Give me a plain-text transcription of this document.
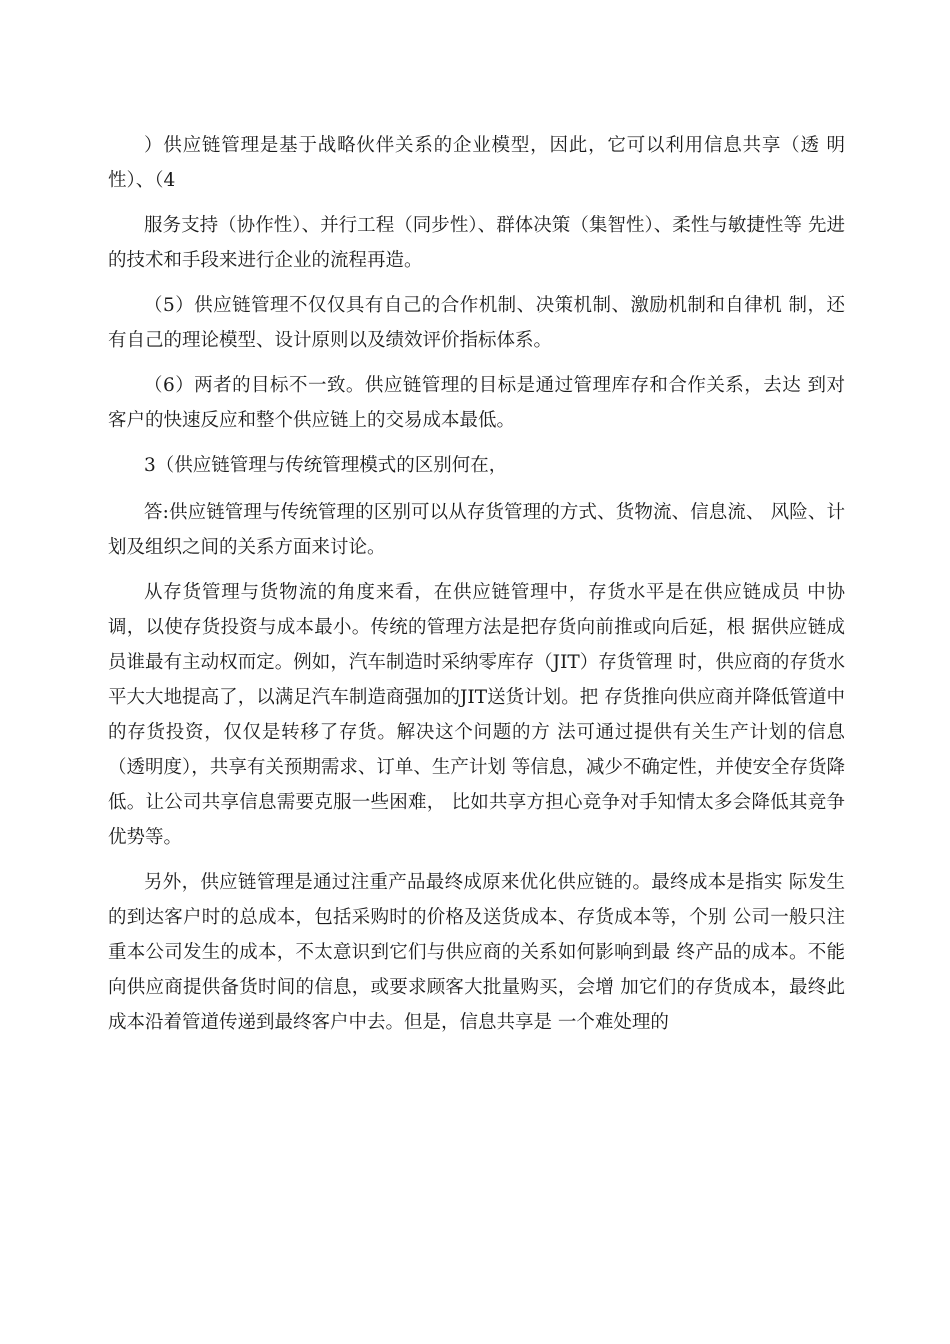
）供应链管理是基于战略伙伴关系的企业模型，因此，它可以利用信息共享（透 明性）、（4

服务支持（协作性）、并行工程（同步性）、群体决策（集智性）、柔性与敏捷性等 先进的技术和手段来进行企业的流程再造。

（5）供应链管理不仅仅具有自己的合作机制、决策机制、激励机制和自律机 制，还有自己的理论模型、设计原则以及绩效评价指标体系。

（6）两者的目标不一致。供应链管理的目标是通过管理库存和合作关系，去达 到对客户的快速反应和整个供应链上的交易成本最低。

3（供应链管理与传统管理模式的区别何在，

答:供应链管理与传统管理的区别可以从存货管理的方式、货物流、信息流、 风险、计划及组织之间的关系方面来讨论。

从存货管理与货物流的角度来看，在供应链管理中，存货水平是在供应链成员 中协调，以使存货投资与成本最小。传统的管理方法是把存货向前推或向后延，根 据供应链成员谁最有主动权而定。例如，汽车制造时采纳零库存（JIT）存货管理 时，供应商的存货水平大大地提高了，以满足汽车制造商强加的JIT送货计划。把 存货推向供应商并降低管道中的存货投资，仅仅是转移了存货。解决这个问题的方 法可通过提供有关生产计划的信息（透明度），共享有关预期需求、订单、生产计划 等信息，减少不确定性，并使安全存货降低。让公司共享信息需要克服一些困难， 比如共享方担心竞争对手知情太多会降低其竞争优势等。

另外，供应链管理是通过注重产品最终成原来优化供应链的。最终成本是指实 际发生的到达客户时的总成本，包括采购时的价格及送货成本、存货成本等，个别 公司一般只注重本公司发生的成本，不太意识到它们与供应商的关系如何影响到最 终产品的成本。不能向供应商提供备货时间的信息，或要求顾客大批量购买，会增 加它们的存货成本，最终此成本沿着管道传递到最终客户中去。但是，信息共享是 一个难处理的
